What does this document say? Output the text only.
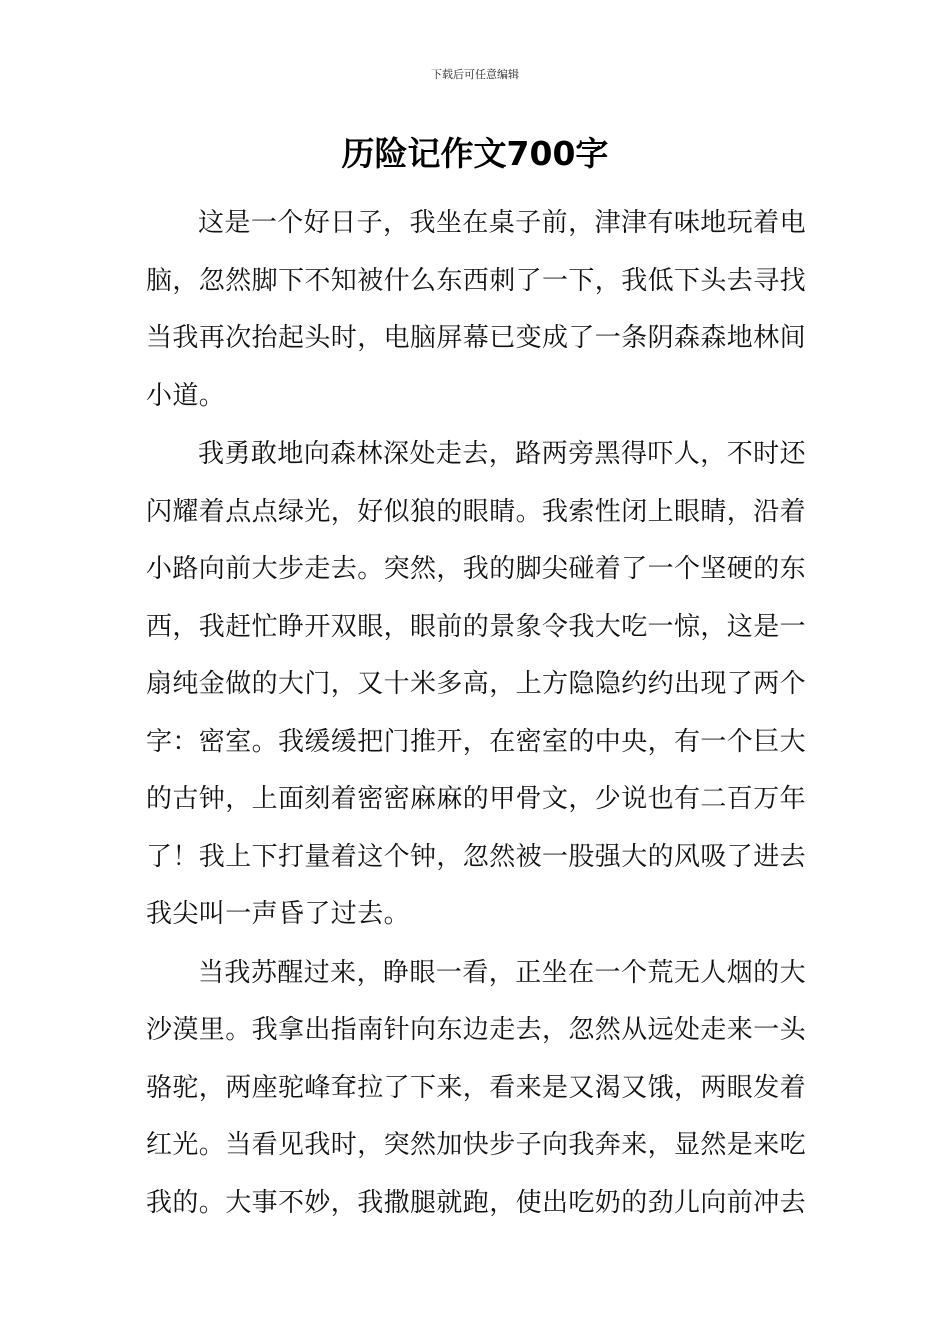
下载后可任意编辑
历险记作文700字

这是一个好日子，我坐在桌子前，津津有味地玩着电脑，忽然脚下不知被什么东西刺了一下，我低下头去寻找当我再次抬起头时，电脑屏幕已变成了一条阴森森地林间小道。

我勇敢地向森林深处走去，路两旁黑得吓人，不时还闪耀着点点绿光，好似狼的眼睛。我索性闭上眼睛，沿着小路向前大步走去。突然，我的脚尖碰着了一个坚硬的东西，我赶忙睁开双眼，眼前的景象令我大吃一惊，这是一扇纯金做的大门，又十米多高，上方隐隐约约出现了两个字：密室。我缓缓把门推开，在密室的中央，有一个巨大的古钟，上面刻着密密麻麻的甲骨文，少说也有二百万年了！我上下打量着这个钟，忽然被一股强大的风吸了进去我尖叫一声昏了过去。

当我苏醒过来，睁眼一看，正坐在一个荒无人烟的大沙漠里。我拿出指南针向东边走去，忽然从远处走来一头骆驼，两座驼峰耷拉了下来，看来是又渴又饿，两眼发着红光。当看见我时，突然加快步子向我奔来，显然是来吃我的。大事不妙，我撒腿就跑，使出吃奶的劲儿向前冲去
